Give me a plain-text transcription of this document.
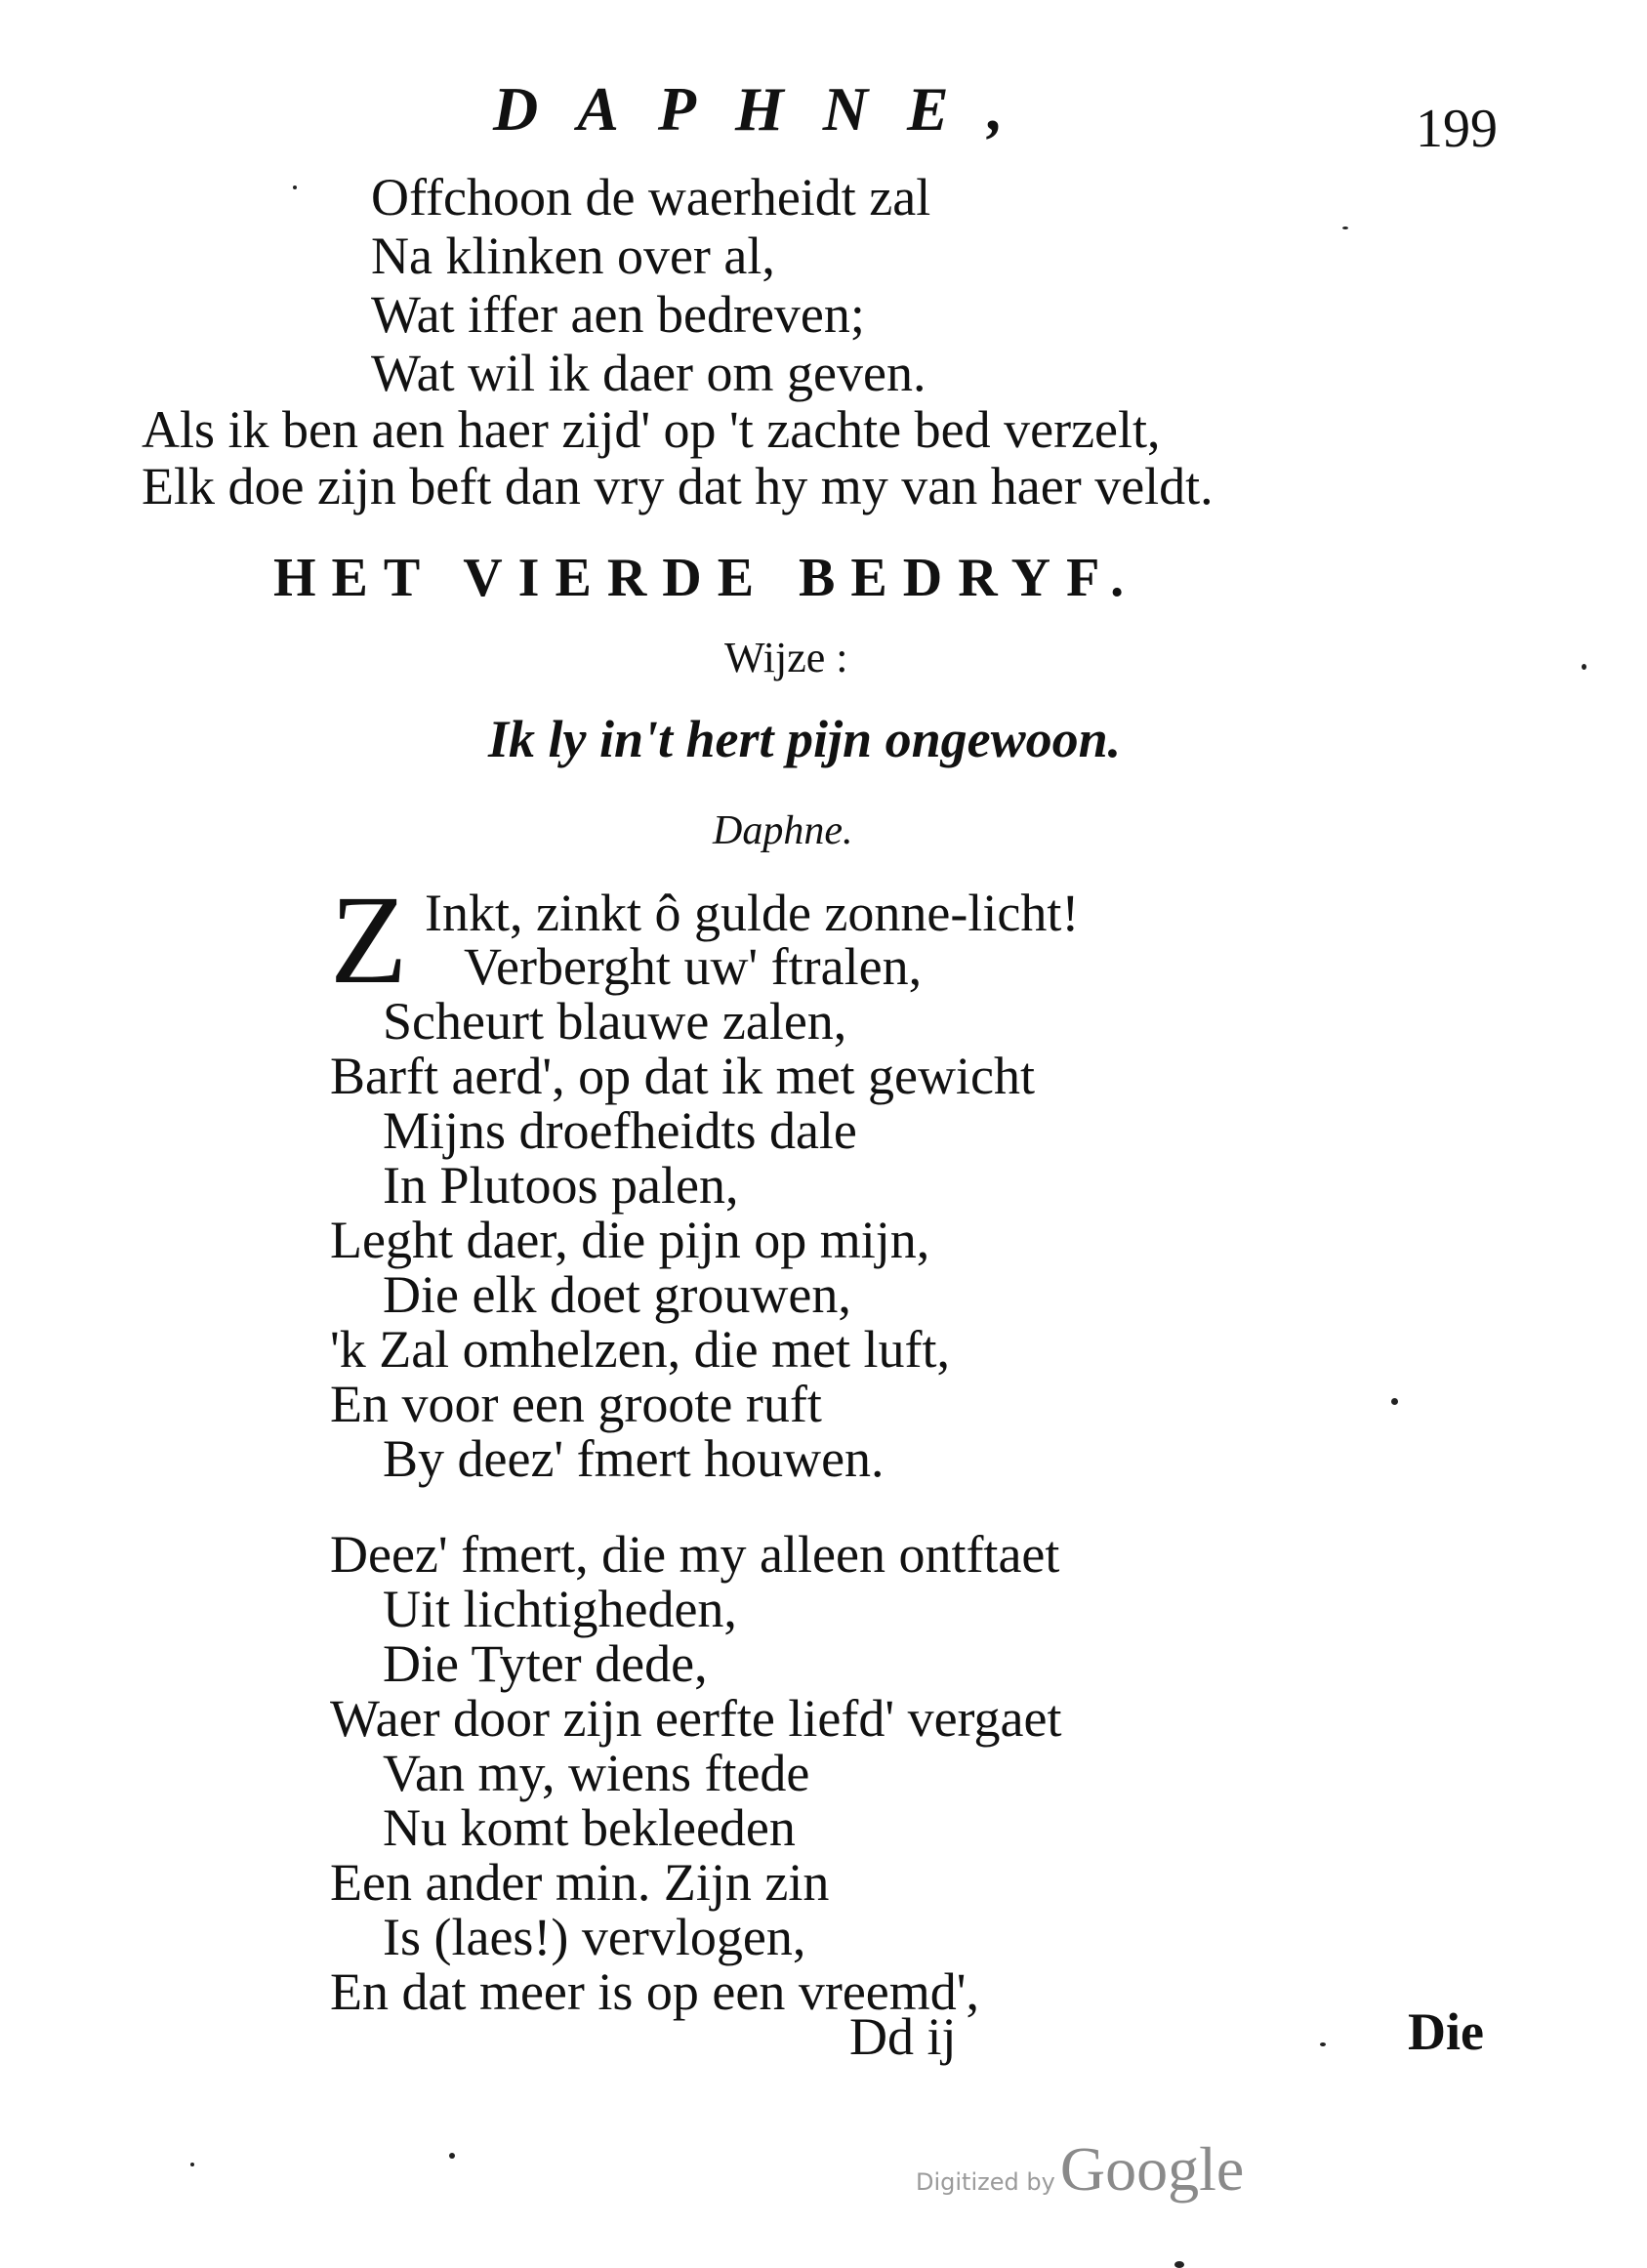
DAPHNE,	199
Offchoon de waerheidt zal
Na klinken over al,
Wat iffer aen bedreven;
Wat wil ik daer om geven.
Als ik ben aen haer zijd' op 't zachte bed verzelt,
Elk doe zijn beft dan vry dat hy my van haer veldt.
HET VIERDE BEDRYF.
Wijze :
Ik ly in't hert pijn ongewoon.
Daphne.
Z Inkt, zinkt ô gulde zonne-licht!
Verberght uw' ftralen,
Scheurt blauwe zalen,
Barft aerd', op dat ik met gewicht
Mijns droefheidts dale
In Plutoos palen,
Leght daer, die pijn op mijn,
Die elk doet grouwen,
'k Zal omhelzen, die met luft,
En voor een groote ruft
By deez' fmert houwen.
Deez' fmert, die my alleen ontftaet
Uit lichtigheden,
Die Tyter dede,
Waer door zijn eerfte liefd' vergaet
Van my, wiens ftede
Nu komt bekleeden
Een ander min. Zijn zin
Is (laes!) vervlogen,
En dat meer is op een vreemd',
Dd ij	Die
Digitized by Google
